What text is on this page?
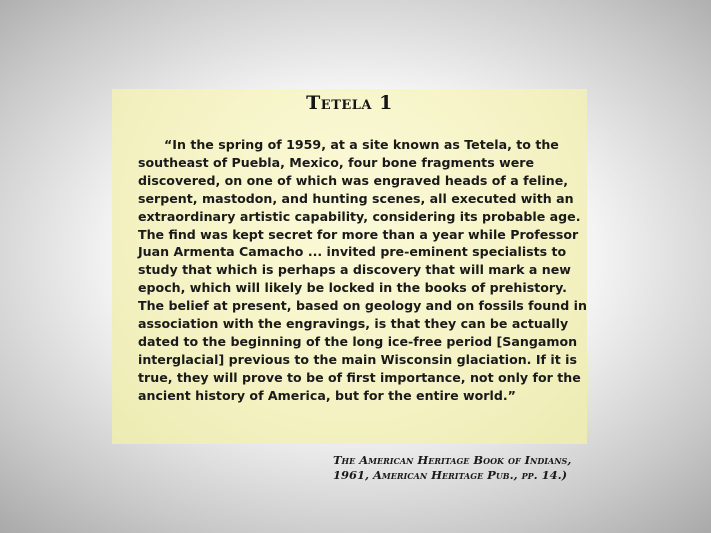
Tetela 1

“In the spring of 1959, at a site known as Tetela, to the southeast of Puebla, Mexico, four bone fragments were discovered, on one of which was engraved heads of a feline, serpent, mastodon, and hunting scenes, all executed with an extraordinary artistic capability, considering its probable age. The find was kept secret for more than a year while Professor Juan Armenta Camacho ... invited pre-eminent specialists to study that which is perhaps a discovery that will mark a new epoch, which will likely be locked in the books of prehistory. The belief at present, based on geology and on fossils found in association with the engravings, is that they can be actually dated to the beginning of the long ice-free period [Sangamon interglacial] previous to the main Wisconsin glaciation. If it is true, they will prove to be of first importance, not only for the ancient history of America, but for the entire world.”

The American Heritage Book of Indians,
1961, American Heritage Pub., pp. 14.)
